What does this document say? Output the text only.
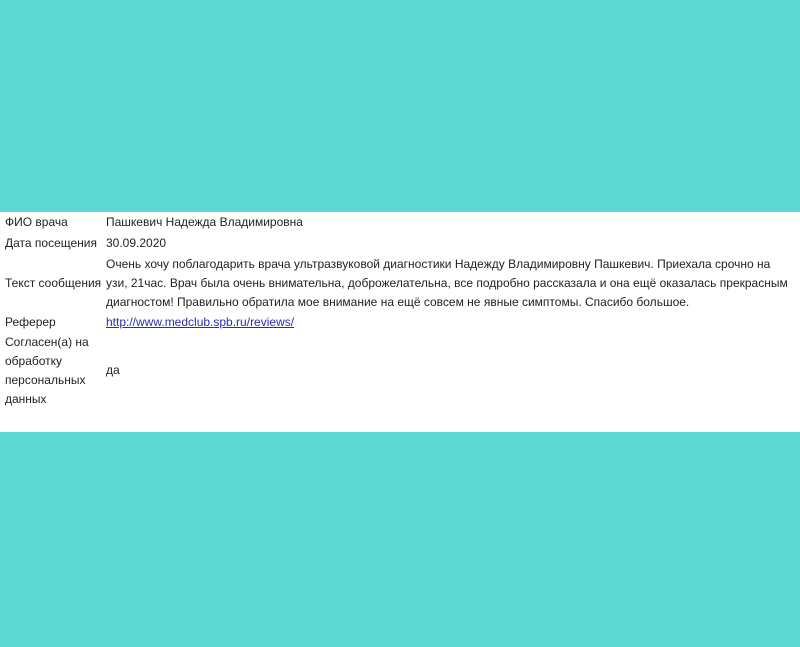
ФИО врача	Пашкевич Надежда Владимировна
Дата посещения	30.09.2020
Текст сообщения	Очень хочу поблагодарить врача ультразвуковой диагностики Надежду Владимировну Пашкевич. Приехала срочно на узи, 21час. Врач была очень внимательна, доброжелательна, все подробно рассказала и она ещё оказалась прекрасным диагностом! Правильно обратила мое внимание на ещё совсем не явные симптомы. Спасибо большое.
Реферер	http://www.medclub.spb.ru/reviews/
Согласен(а) на обработку персональных данных	да
